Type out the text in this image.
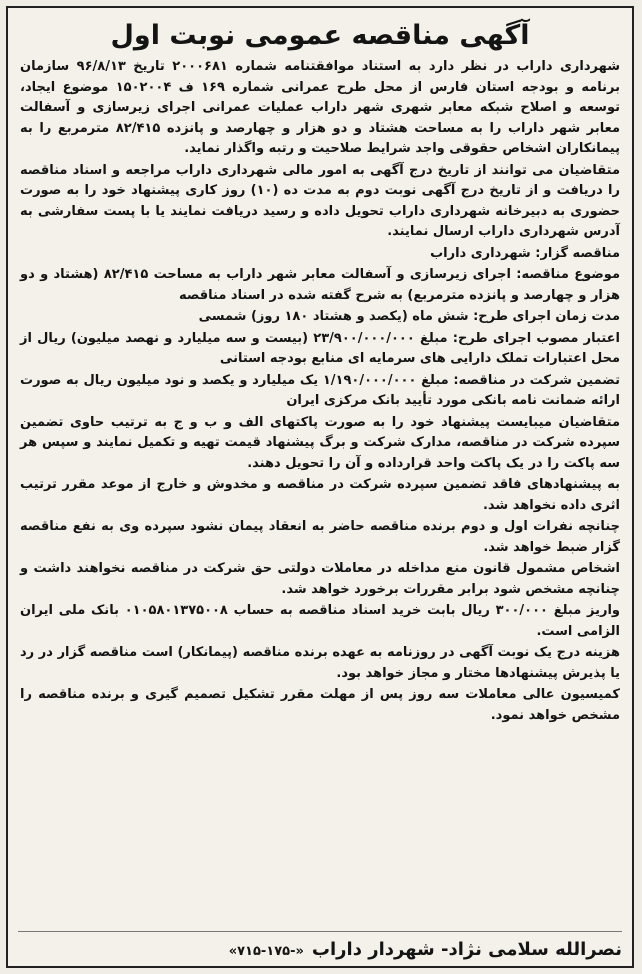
آگهی مناقصه عمومی نوبت اول

شهرداری داراب در نظر دارد به استناد موافقتنامه شماره ۲۰۰۰۶۸۱ تاریخ ۹۶/۸/۱۳ سازمان برنامه و بودجه استان فارس از محل طرح عمرانی شماره ۱۶۹ ف ۱۵۰۲۰۰۴ موضوع ایجاد، توسعه و اصلاح شبکه معابر شهری شهر داراب عملیات عمرانی اجرای زیرسازی و آسفالت معابر شهر داراب را به مساحت هشتاد و دو هزار و چهارصد و پانزده ۸۲/۴۱۵ مترمربع را به پیمانکاران اشخاص حقوقی واجد شرایط صلاحیت و رتبه واگذار نماید.

متقاضیان می توانند از تاریخ درج آگهی به امور مالی شهرداری داراب مراجعه و اسناد مناقصه را دریافت و از تاریخ درج آگهی نوبت دوم به مدت ده (۱۰) روز کاری پیشنهاد خود را به صورت حضوری به دبیرخانه شهرداری داراب تحویل داده و رسید دریافت نمایند یا با پست سفارشی به آدرس شهرداری داراب ارسال نمایند.

مناقصه گزار: شهرداری داراب

موضوع مناقصه: اجرای زیرسازی و آسفالت معابر شهر داراب به مساحت ۸۲/۴۱۵ (هشتاد و دو هزار و چهارصد و پانزده مترمربع) به شرح گفته شده در اسناد مناقصه

مدت زمان اجرای طرح: شش ماه (یکصد و هشتاد ۱۸۰ روز) شمسی

اعتبار مصوب اجرای طرح: مبلغ ۲۳/۹۰۰/۰۰۰/۰۰۰ (بیست و سه میلیارد و نهصد میلیون) ریال از محل اعتبارات تملک دارایی های سرمایه ای منابع بودجه استانی

تضمین شرکت در مناقصه: مبلغ ۱/۱۹۰/۰۰۰/۰۰۰ یک میلیارد و یکصد و نود میلیون ریال به صورت ارائه ضمانت نامه بانکی مورد تأیید بانک مرکزی ایران

متقاضیان میبایست پیشنهاد خود را به صورت پاکتهای الف و ب و ج به ترتیب حاوی تضمین سپرده شرکت در مناقصه، مدارک شرکت و برگ پیشنهاد قیمت تهیه و تکمیل نمایند و سپس هر سه پاکت را در یک پاکت واحد قرارداده و آن را تحویل دهند.

به پیشنهادهای فاقد تضمین سپرده شرکت در مناقصه و مخدوش و خارج از موعد مقرر ترتیب اثری داده نخواهد شد.

چنانچه نفرات اول و دوم برنده مناقصه حاضر به انعقاد پیمان نشود سپرده وی به نفع مناقصه گزار ضبط خواهد شد.

اشخاص مشمول قانون منع مداخله در معاملات دولتی حق شرکت در مناقصه نخواهند داشت و چنانچه مشخص شود برابر مقررات برخورد خواهد شد.

واریز مبلغ ۳۰۰/۰۰۰ ریال بابت خرید اسناد مناقصه به حساب ۰۱۰۵۸۰۱۳۷۵۰۰۸ بانک ملی ایران الزامی است.

هزینه درج یک نوبت آگهی در روزنامه به عهده برنده مناقصه (پیمانکار) است مناقصه گزار در رد یا پذیرش پیشنهادها مختار و مجاز خواهد بود.

کمیسیون عالی معاملات سه روز پس از مهلت مقرر تشکیل تصمیم گیری و برنده مناقصه را مشخص خواهد نمود.

نصرالله سلامی نژاد- شهردار داراب
«۷۱۵-۱۷۵-»
